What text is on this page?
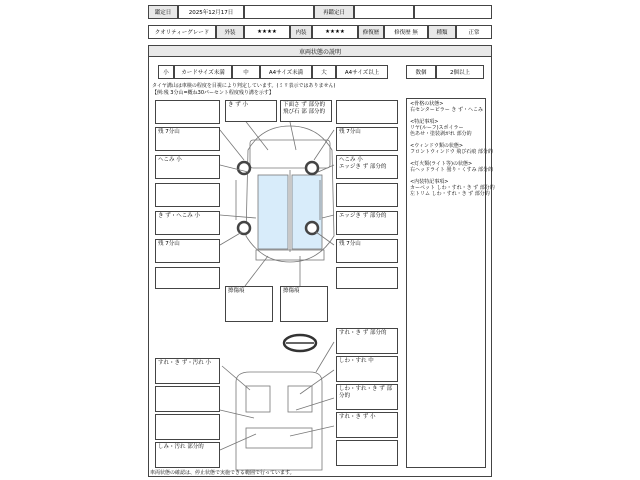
鑑定日	2025年12月17日	再鑑定日
クオリティーグレード	外装	★★★★	内装	★★★★	修復歴	修復歴 無	種類	正常
車両状態の説明
小	カードサイズ未満	中	A4サイズ未満	大	A4サイズ以上	数個	2個以上
タイヤ溝山は車検の程度を目視により判定しています。(ミリ表示ではありません)
【例:残 3分山=概ね30パーセント程度残り溝を示す】
残 7分山
へこみ 小
き ず・へこみ 小
残 7分山
き ず 小	下面さ ず 部分的
飛び石 部 部分的
残 7分山
へこみ 小
エッジき ず 部分的
エッジき ず 部分的
残 7分山
擦傷痕	擦傷痕
すれ・き ず 部分的
しわ・すれ 中
しわ・すれ・き ず 部分的
すれ・き ず 小
すれ・き ず・汚れ 小
しみ・汚れ 部分的
<骨格の状態>
右センターピラー き ず・へこみ

<特記事項>
リヤ(ルーフ)スポイラー
色あせ・塗装剥がれ 部分的

<ウィンドウ類の状態>
フロントウィンドウ 飛び石痕 部分的

<灯火類(ライト等)の状態>
右ヘッドライト 曇り・くすみ 部分的

<内装特記事項>
カーペット しわ・すれ・き ず 部分的
左トリム しわ・すれ・き ず 部分的
車両状態の確認は、停止状態で実施できる範囲で行っています。
